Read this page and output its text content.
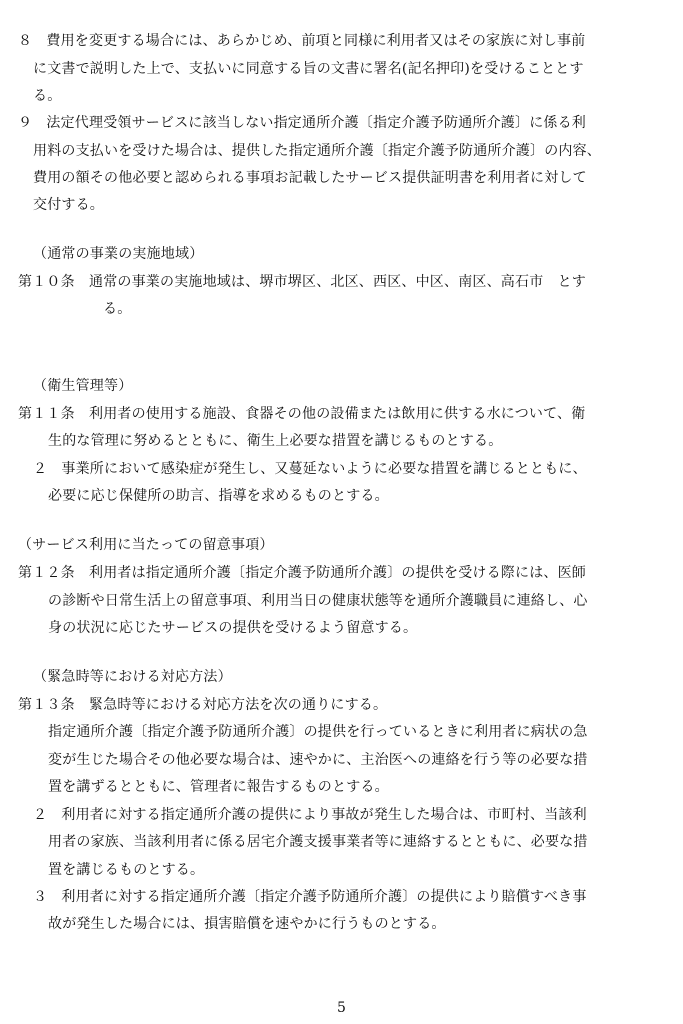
８　費用を変更する場合には、あらかじめ、前項と同様に利用者又はその家族に対し事前
に文書で説明した上で、支払いに同意する旨の文書に署名(記名押印)を受けることとす
る。
９　法定代理受領サービスに該当しない指定通所介護〔指定介護予防通所介護〕に係る利
用料の支払いを受けた場合は、提供した指定通所介護〔指定介護予防通所介護〕の内容、
費用の額その他必要と認められる事項お記載したサービス提供証明書を利用者に対して
交付する。
（通常の事業の実施地域）
第１０条　通常の事業の実施地域は、堺市堺区、北区、西区、中区、南区、高石市　とす
る。
（衛生管理等）
第１１条　利用者の使用する施設、食器その他の設備または飲用に供する水について、衛
生的な管理に努めるとともに、衛生上必要な措置を講じるものとする。
２　事業所において感染症が発生し、又蔓延ないように必要な措置を講じるとともに、
必要に応じ保健所の助言、指導を求めるものとする。
（サービス利用に当たっての留意事項）
第１２条　利用者は指定通所介護〔指定介護予防通所介護〕の提供を受ける際には、医師
の診断や日常生活上の留意事項、利用当日の健康状態等を通所介護職員に連絡し、心
身の状況に応じたサービスの提供を受けるよう留意する。
（緊急時等における対応方法）
第１３条　緊急時等における対応方法を次の通りにする。
指定通所介護〔指定介護予防通所介護〕の提供を行っているときに利用者に病状の急
変が生じた場合その他必要な場合は、速やかに、主治医への連絡を行う等の必要な措
置を講ずるとともに、管理者に報告するものとする。
２　利用者に対する指定通所介護の提供により事故が発生した場合は、市町村、当該利
用者の家族、当該利用者に係る居宅介護支援事業者等に連絡するとともに、必要な措
置を講じるものとする。
３　利用者に対する指定通所介護〔指定介護予防通所介護〕の提供により賠償すべき事
故が発生した場合には、損害賠償を速やかに行うものとする。
5
